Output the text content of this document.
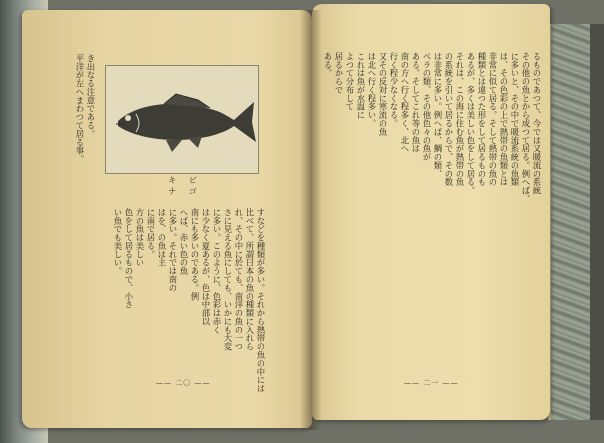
き出なる注意である。
平洋が左へまわつて居る事。
キ ビ ナ ゴ
すなどを種類が多い。それから熱帯の魚の中には
比べて、所謂日本の魚の種類に入れら
れ、その中に於ても、南洋の魚の一つ
さに見える魚にしても、いかにも大変
に多い。このように、色彩は赤く
は少なく夏あるが、色は中部以
南にも多いのである。例
へば、赤い色の魚
に多い。それでは南の
はを、の魚は主
に南で居る。
方の魚は美しい
色をして居るもので、小さ
い魚でも美しい。
—— 二〇 ——
るものであつて、今では又暖流の系統
その他の魚とから成つて居る。例へば、
に多いと、その中で暖流系統の魚類
は、その色彩の上で熱帯の魚類とは
非常に似て居る。そして熱帯の魚の
種類とは違つた形をして居るものも
あるが、多くは美しい色をして居る。
それは、この海に住む魚が熱帯の魚
の系統を引いて居るからで、その数
は非常に多い。例へば、鯛の類、
ベラの類、その他色々の魚が
ある。そしてこれ等の魚は
南の方へ行く程多く、北へ
行く程少なくなる。
又その反対に寒流の魚
は北へ行く程多い。
これは魚が水温に
よつて分布して
居るからで
ある。
—— 二一 ——
